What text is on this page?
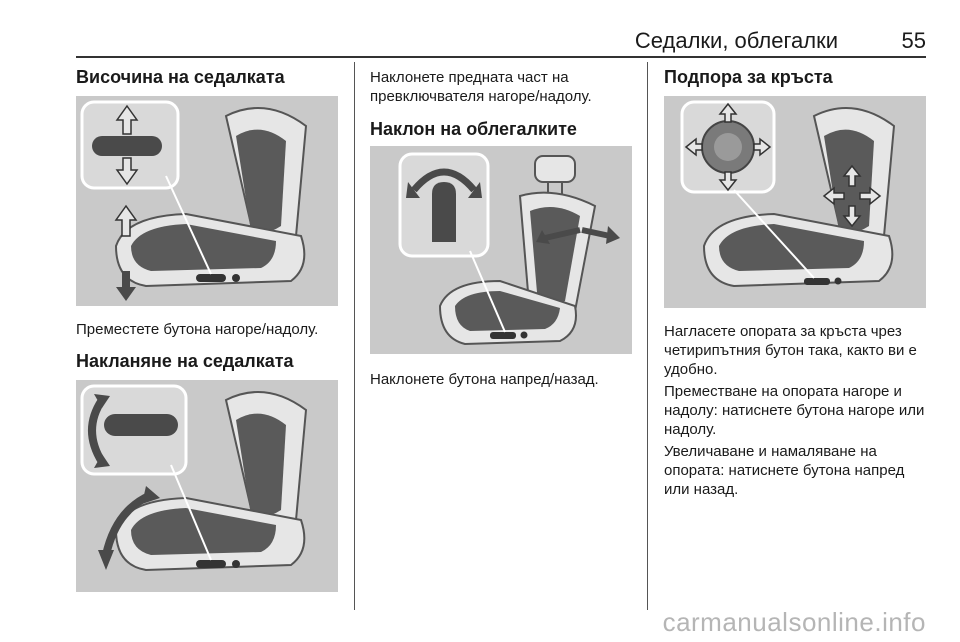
Седалки, облегалки	55
Височина на седалката

Преместете бутона нагоре/надолу.

Накланяне на седалката

Наклонете предната част на превключвателя нагоре/надолу.

Наклон на облегалките

Наклонете бутона напред/назад.

Подпора за кръста

Нагласете опората за кръста чрез четирипътния бутон така, както ви е удобно.

Преместване на опората нагоре и надолу: натиснете бутона нагоре или надолу.

Увеличаване и намаляване на опората: натиснете бутона напред или назад.

carmanualsonline.info
